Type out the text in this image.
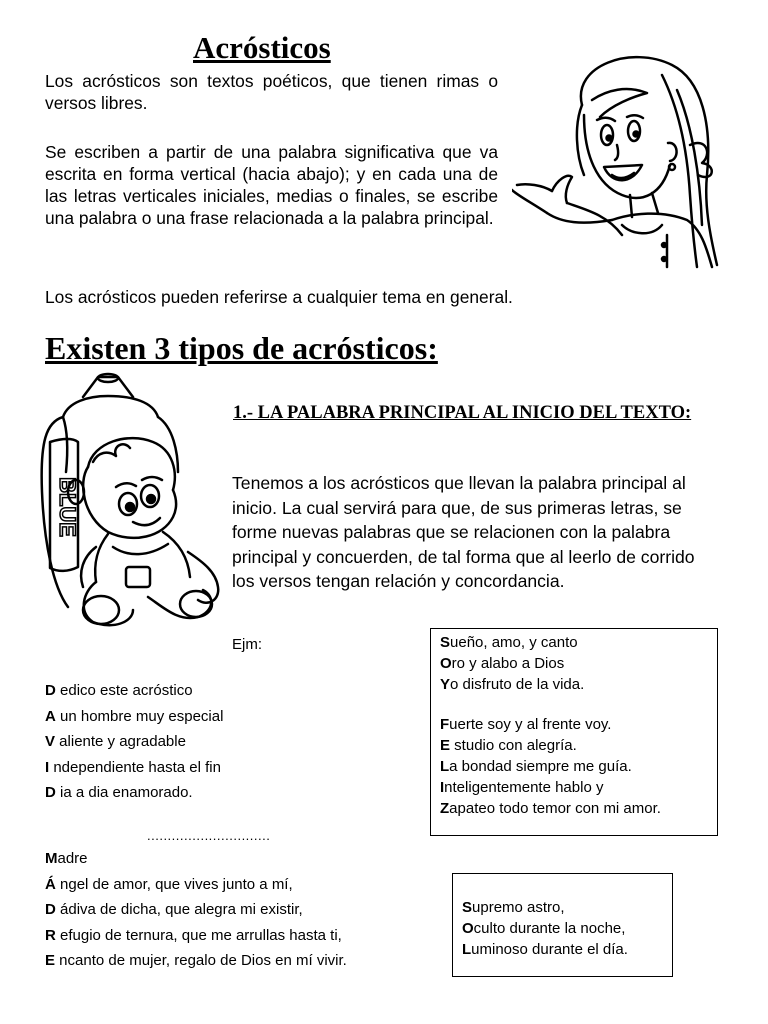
Acrósticos
Los acrósticos son textos poéticos, que tienen rimas o versos libres.
Se escriben a partir de una palabra significativa que va escrita en forma vertical (hacia abajo); y en cada una de las letras verticales iniciales, medias o finales, se escribe una palabra o una frase relacionada a la palabra principal.
Los acrósticos pueden referirse a cualquier tema en general.
Existen 3 tipos de acrósticos:
BLUE
1.- LA PALABRA PRINCIPAL AL INICIO DEL TEXTO:
Tenemos a los acrósticos que llevan la palabra principal al inicio. La cual servirá para que, de sus primeras letras, se forme nuevas palabras que se relacionen con la palabra principal y concuerden, de tal forma que al leerlo de corrido los versos tengan relación y concordancia.
Ejm:
D edico este acróstico
A un hombre muy especial
V aliente y agradable
I ndependiente hasta el fin
D ia a dia enamorado.
..............................
Madre
Á ngel de amor, que vives junto a mí,
D ádiva de dicha, que alegra mi existir,
R efugio de ternura, que me arrullas hasta ti,
E ncanto de mujer, regalo de Dios en mí vivir.
Sueño, amo, y canto
Oro y alabo a Dios
Yo disfruto de la vida.
Fuerte soy y al frente voy.
E studio con alegría.
La bondad siempre me guía.
Inteligentemente hablo y
Zapateo todo temor con mi amor.
Supremo astro,
Oculto durante la noche,
Luminoso durante el día.
